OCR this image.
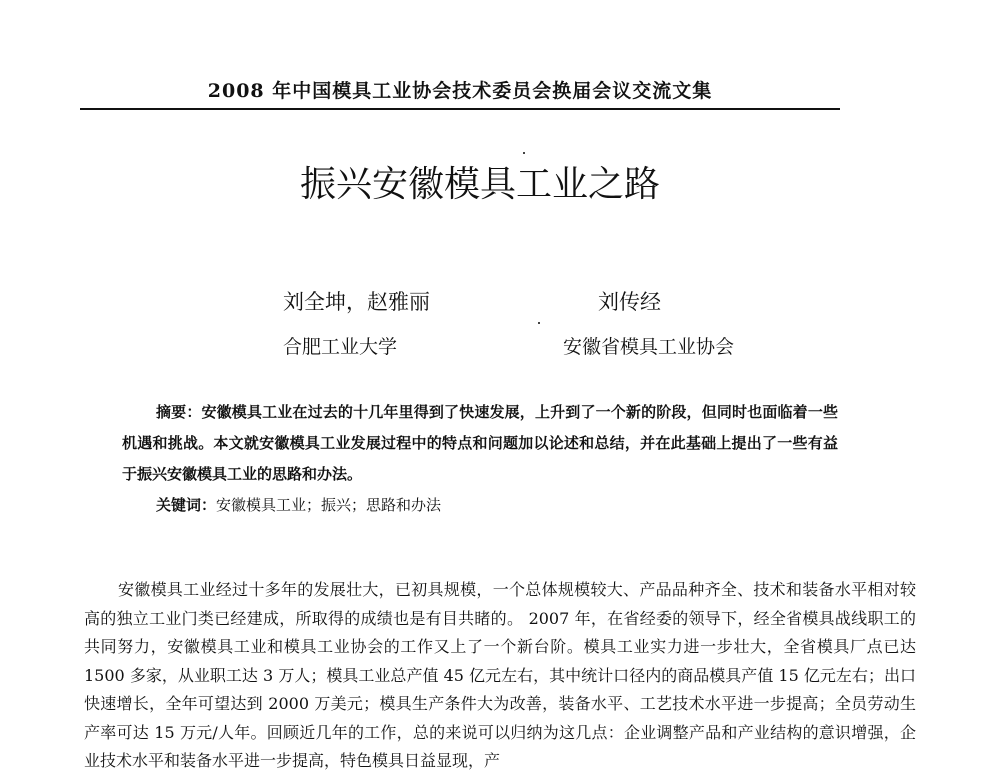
2008 年中国模具工业协会技术委员会换届会议交流文集
振兴安徽模具工业之路
刘全坤，赵雅丽	刘传经
合肥工业大学	安徽省模具工业协会
摘要：安徽模具工业在过去的十几年里得到了快速发展，上升到了一个新的阶段，但同时也面临着一些机遇和挑战。本文就安徽模具工业发展过程中的特点和问题加以论述和总结，并在此基础上提出了一些有益于振兴安徽模具工业的思路和办法。
关键词：安徽模具工业；振兴；思路和办法
安徽模具工业经过十多年的发展壮大，已初具规模，一个总体规模较大、产品品种齐全、技术和装备水平相对较高的独立工业门类已经建成，所取得的成绩也是有目共睹的。 2007 年，在省经委的领导下，经全省模具战线职工的共同努力，安徽模具工业和模具工业协会的工作又上了一个新台阶。模具工业实力进一步壮大，全省模具厂点已达 1500 多家，从业职工达 3 万人；模具工业总产值 45 亿元左右，其中统计口径内的商品模具产值 15 亿元左右；出口快速增长，全年可望达到 2000 万美元；模具生产条件大为改善，装备水平、工艺技术水平进一步提高；全员劳动生产率可达 15 万元/人年。回顾近几年的工作，总的来说可以归纳为这几点：企业调整产品和产业结构的意识增强，企业技术水平和装备水平进一步提高，特色模具日益显现，产
